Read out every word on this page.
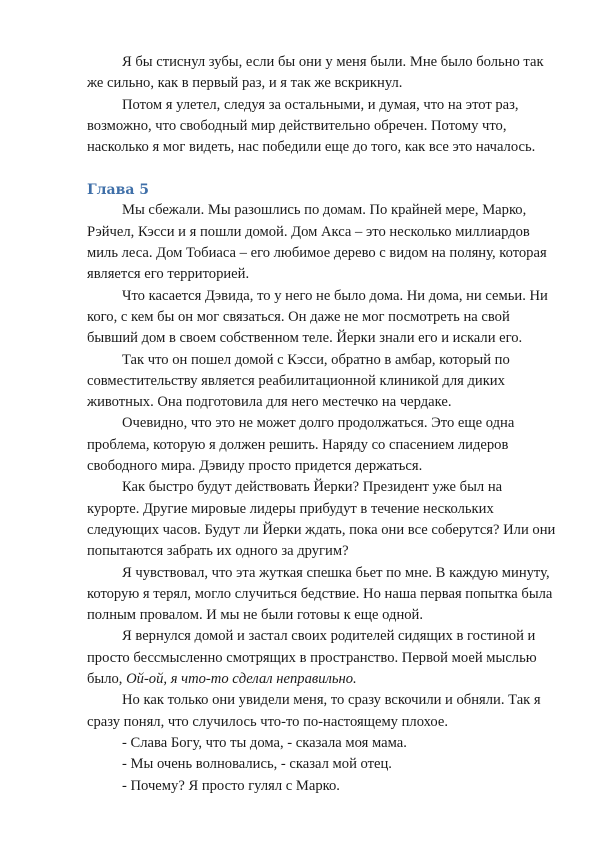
Я бы стиснул зубы, если бы они у меня были. Мне было больно так же сильно, как в первый раз, и я так же вскрикнул.

Потом я улетел, следуя за остальными, и думая, что на этот раз, возможно, что свободный мир действительно обречен. Потому что, насколько я мог видеть, нас победили еще до того, как все это началось.

Глава 5

Мы сбежали. Мы разошлись по домам. По крайней мере, Марко, Рэйчел, Кэсси и я пошли домой. Дом Акса – это несколько миллиардов миль леса. Дом Тобиаса – его любимое дерево с видом на поляну, которая является его территорией.

Что касается Дэвида, то у него не было дома. Ни дома, ни семьи. Ни кого, с кем бы он мог связаться. Он даже не мог посмотреть на свой бывший дом в своем собственном теле. Йерки знали его и искали его.

Так что он пошел домой с Кэсси, обратно в амбар, который по совместительству является реабилитационной клиникой для диких животных. Она подготовила для него местечко на чердаке.

Очевидно, что это не может долго продолжаться. Это еще одна проблема, которую я должен решить. Наряду со спасением лидеров свободного мира. Дэвиду просто придется держаться.

Как быстро будут действовать Йерки? Президент уже был на курорте. Другие мировые лидеры прибудут в течение нескольких следующих часов. Будут ли Йерки ждать, пока они все соберутся? Или они попытаются забрать их одного за другим?

Я чувствовал, что эта жуткая спешка бьет по мне. В каждую минуту, которую я терял, могло случиться бедствие. Но наша первая попытка была полным провалом. И мы не были готовы к еще одной.

Я вернулся домой и застал своих родителей сидящих в гостиной и просто бессмысленно смотрящих в пространство. Первой моей мыслью было, Ой-ой, я что-то сделал неправильно.

Но как только они увидели меня, то сразу вскочили и обняли. Так я сразу понял, что случилось что-то по-настоящему плохое.

- Слава Богу, что ты дома, - сказала моя мама.

- Мы очень волновались, - сказал мой отец.

- Почему? Я просто гулял с Марко.
